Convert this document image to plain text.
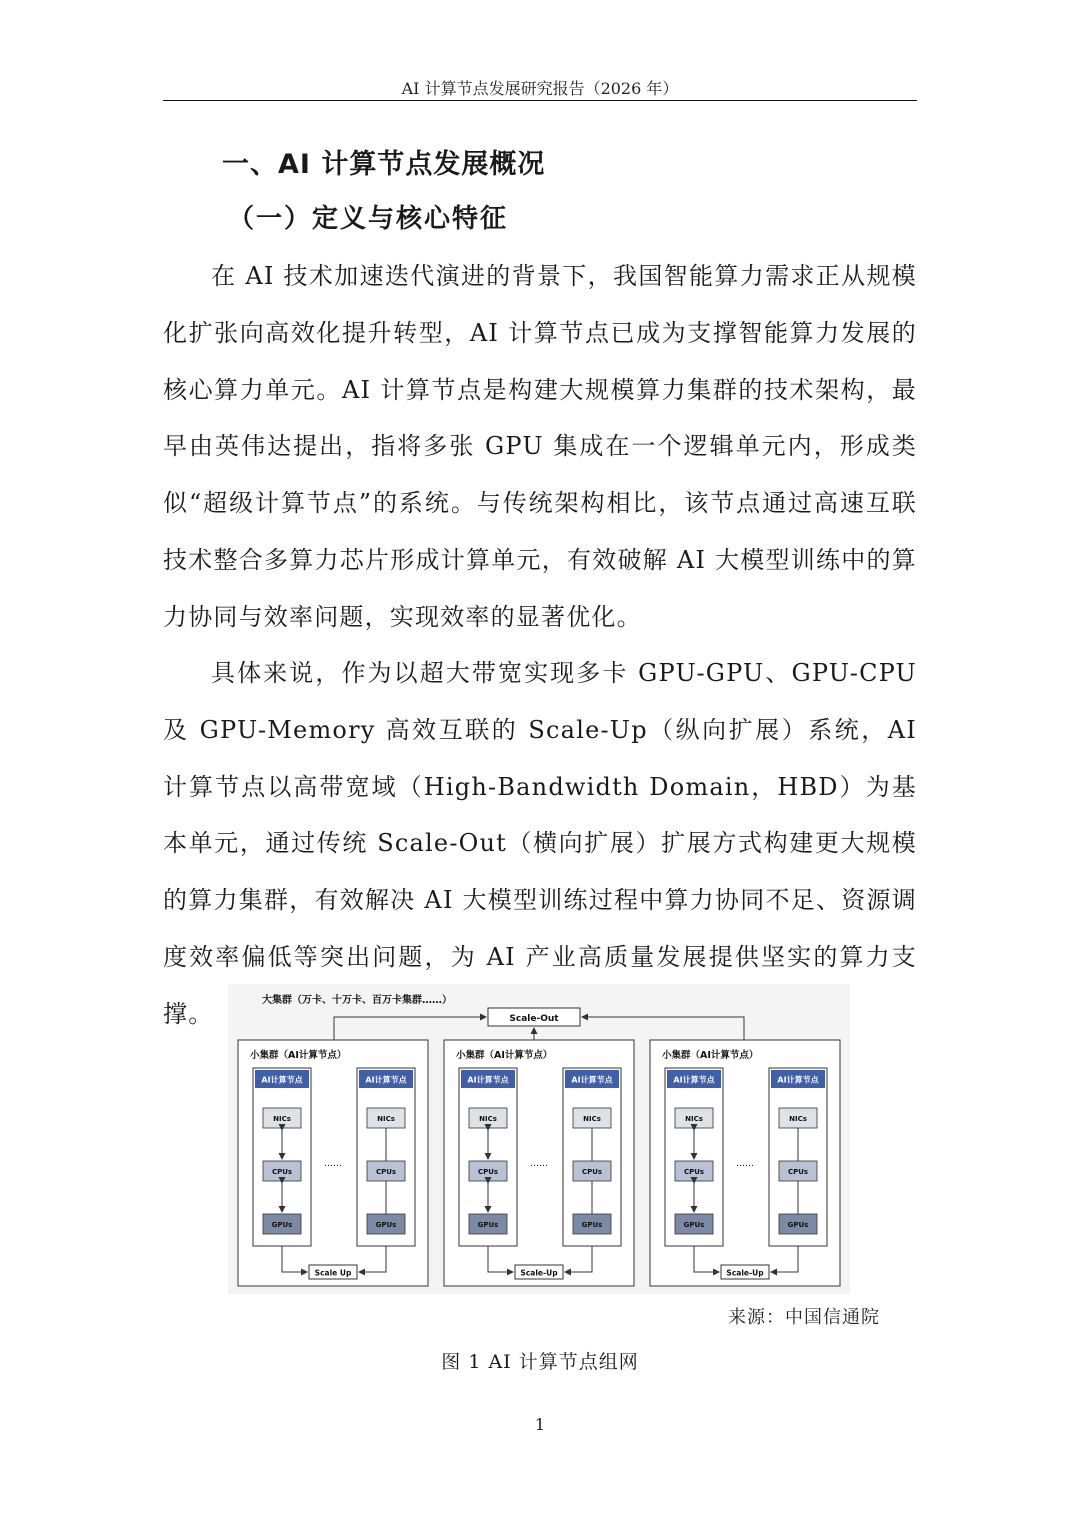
AI 计算节点发展研究报告（2026 年）
一、AI 计算节点发展概况
（一）定义与核心特征
在 AI 技术加速迭代演进的背景下，我国智能算力需求正从规模化扩张向高效化提升转型，AI 计算节点已成为支撑智能算力发展的核心算力单元。AI 计算节点是构建大规模算力集群的技术架构，最早由英伟达提出，指将多张 GPU 集成在一个逻辑单元内，形成类似“超级计算节点”的系统。与传统架构相比，该节点通过高速互联技术整合多算力芯片形成计算单元，有效破解 AI 大模型训练中的算力协同与效率问题，实现效率的显著优化。
具体来说，作为以超大带宽实现多卡 GPU-GPU、GPU-CPU 及 GPU-Memory 高效互联的 Scale-Up（纵向扩展）系统，AI 计算节点以高带宽域（High-Bandwidth Domain，HBD）为基本单元，通过传统 Scale-Out（横向扩展）扩展方式构建更大规模的算力集群，有效解决 AI 大模型训练过程中算力协同不足、资源调度效率偏低等突出问题，为 AI 产业高质量发展提供坚实的算力支撑。	大集群（万卡、十万卡、百万卡集群……）
Scale-Out
小集群（AI计算节点）
AI计算节点
NICs
CPUs
GPUs
AI计算节点
NICs
CPUs
GPUs
……
Scale Up
小集群（AI计算节点）
AI计算节点
NICs
CPUs
GPUs
AI计算节点
NICs
CPUs
GPUs
……
Scale-Up
小集群（AI计算节点）
AI计算节点
NICs
CPUs
GPUs
AI计算节点
NICs
CPUs
GPUs
……
Scale-Up
来源：中国信通院
图 1 AI 计算节点组网
1
